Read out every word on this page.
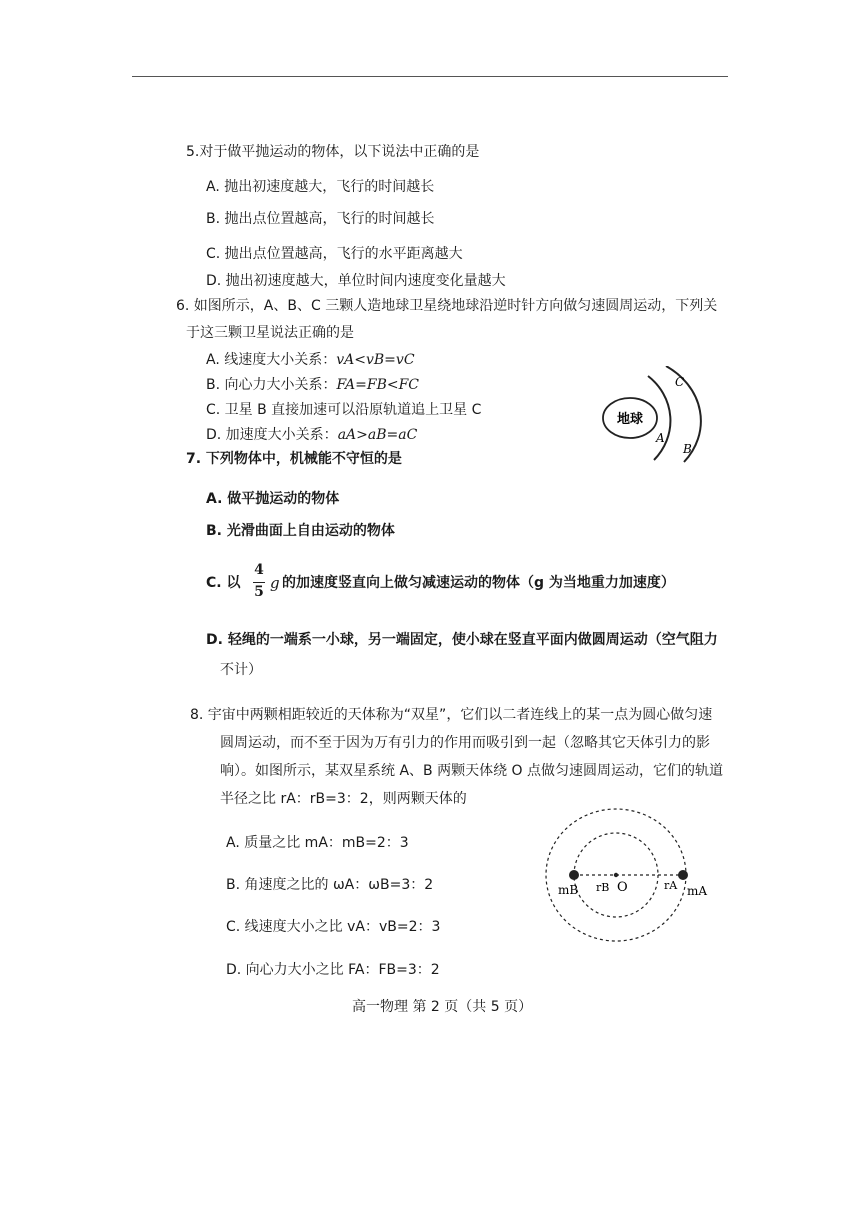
5.对于做平抛运动的物体，以下说法中正确的是
A. 抛出初速度越大，飞行的时间越长
B. 抛出点位置越高，飞行的时间越长
C. 抛出点位置越高，飞行的水平距离越大
D. 抛出初速度越大，单位时间内速度变化量越大
6. 如图所示，A、B、C 三颗人造地球卫星绕地球沿逆时针方向做匀速圆周运动，下列关
于这三颗卫星说法正确的是
A. 线速度大小关系：vA<vB=vC
B. 向心力大小关系：FA=FB<FC
C. 卫星 B 直接加速可以沿原轨道追上卫星 C
D. 加速度大小关系：aA>aB=aC
地球
A
B
C
7. 下列物体中，机械能不守恒的是
A. 做平抛运动的物体
B. 光滑曲面上自由运动的物体
C. 以
4
5 g 的加速度竖直向上做匀减速运动的物体（g 为当地重力加速度）
D. 轻绳的一端系一小球，另一端固定，使小球在竖直平面内做圆周运动（空气阻力
不计）
8. 宇宙中两颗相距较近的天体称为“双星”，它们以二者连线上的某一点为圆心做匀速
圆周运动，而不至于因为万有引力的作用而吸引到一起（忽略其它天体引力的影
响）。如图所示，某双星系统 A、B 两颗天体绕 O 点做匀速圆周运动，它们的轨道
半径之比 rA：rB=3：2，则两颗天体的
A. 质量之比 mA：mB=2：3
B. 角速度之比的 ωA：ωB=3：2
C. 线速度大小之比 vA：vB=2：3
D. 向心力大小之比 FA：FB=3：2
mB rB O	rA mA
高一物理 第 2 页（共 5 页）
